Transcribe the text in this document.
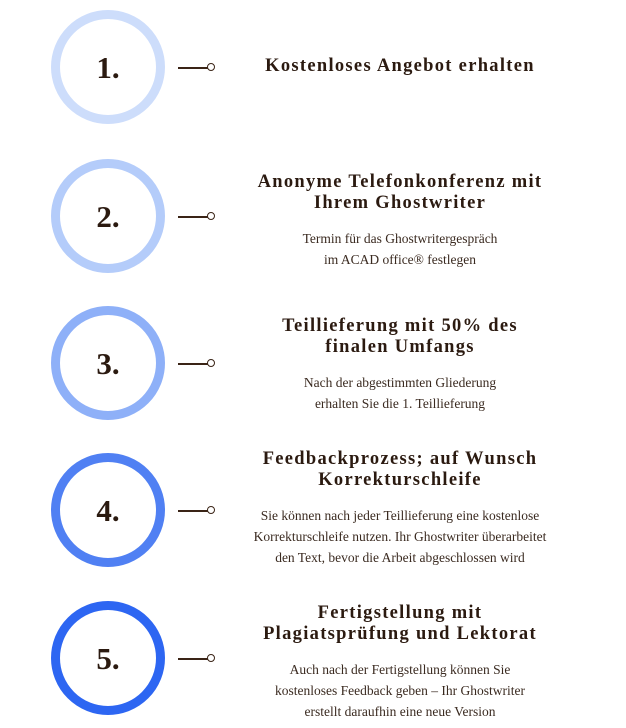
1.	Kostenloses Angebot erhalten

2.

Anonyme Telefonkonferenz mit

Ihrem Ghostwriter

Termin für das Ghostwritergespräch

im ACAD office® festlegen

3.

Teillieferung mit 50% des

finalen Umfangs

Nach der abgestimmten Gliederung

erhalten Sie die 1. Teillieferung

4.

Feedbackprozess; auf Wunsch

Korrekturschleife

Sie können nach jeder Teillieferung eine kostenlose

Korrekturschleife nutzen. Ihr Ghostwriter überarbeitet

den Text, bevor die Arbeit abgeschlossen wird

5.

Fertigstellung mit

Plagiatsprüfung und Lektorat

Auch nach der Fertigstellung können Sie

kostenloses Feedback geben – Ihr Ghostwriter

erstellt daraufhin eine neue Version
